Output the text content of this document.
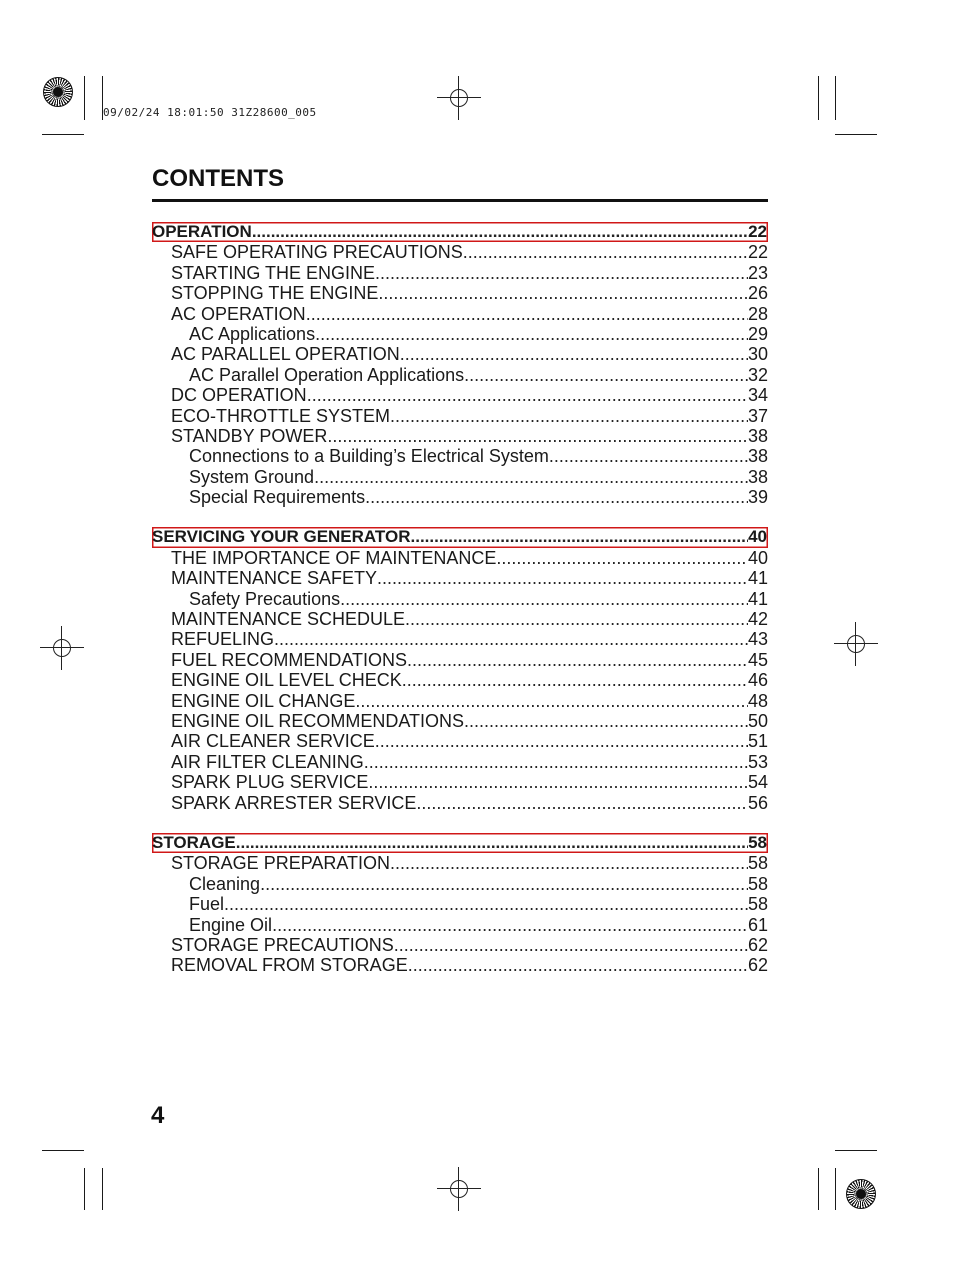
09/02/24 18:01:50 31Z28600_005
CONTENTS
OPERATION .....	22
SAFE OPERATING PRECAUTIONS .....	22
STARTING THE ENGINE .....	23
STOPPING THE ENGINE .....	26
AC OPERATION .....	28
AC Applications .....	29
AC PARALLEL OPERATION .....	30
AC Parallel Operation Applications .....	32
DC OPERATION .....	34
ECO-THROTTLE SYSTEM .....	37
STANDBY POWER .....	38
Connections to a Building’s Electrical System .....	38
System Ground .....	38
Special Requirements .....	39
SERVICING YOUR GENERATOR .....	40
THE IMPORTANCE OF MAINTENANCE .....	40
MAINTENANCE SAFETY .....	41
Safety Precautions .....	41
MAINTENANCE SCHEDULE .....	42
REFUELING .....	43
FUEL RECOMMENDATIONS .....	45
ENGINE OIL LEVEL CHECK .....	46
ENGINE OIL CHANGE .....	48
ENGINE OIL RECOMMENDATIONS .....	50
AIR CLEANER SERVICE .....	51
AIR FILTER CLEANING .....	53
SPARK PLUG SERVICE .....	54
SPARK ARRESTER SERVICE .....	56
STORAGE .....	58
STORAGE PREPARATION .....	58
Cleaning .....	58
Fuel .....	58
Engine Oil .....	61
STORAGE PRECAUTIONS .....	62
REMOVAL FROM STORAGE .....	62
4
